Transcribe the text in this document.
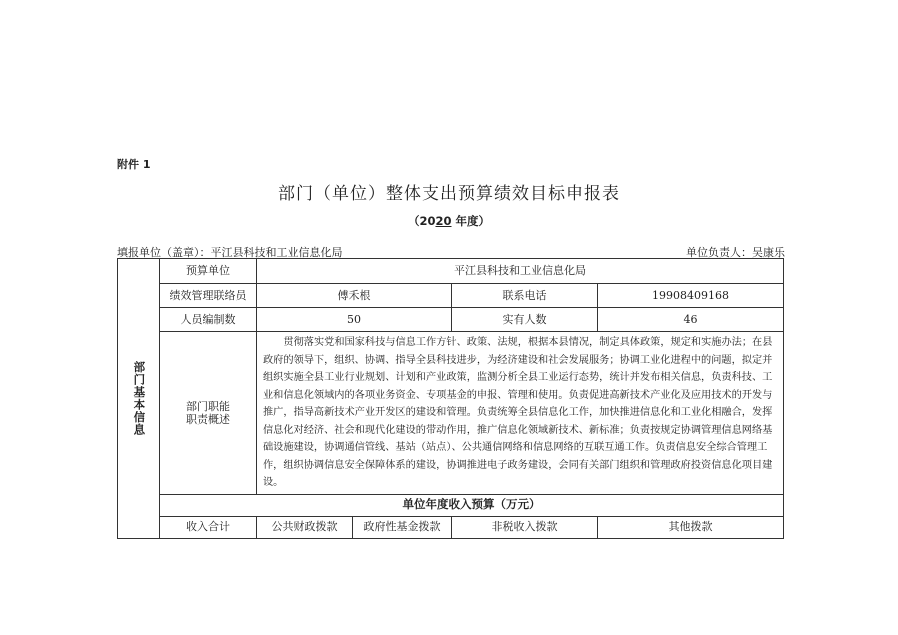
附件 1
部门（单位）整体支出预算绩效目标申报表
（2020 年度）
填报单位（盖章）：平江县科技和工业信息化局	单位负责人：吴康乐
部门基本信息	预算单位	平江县科技和工业信息化局			
	绩效管理联络员	傅禾根		联系电话	19908409168
	人员编制数	50		实有人数	46

	部门职能
职责概述	贯彻落实党和国家科技与信息工作方针、政策、法规，根据本县情况，制定具体政策，规定和实施办法；在县政府的领导下，组织、协调、指导全县科技进步，为经济建设和社会发展服务；协调工业化进程中的问题，拟定并组织实施全县工业行业规划、计划和产业政策，监测分析全县工业运行态势，统计并发布相关信息，负责科技、工业和信息化领域内的各项业务资金、专项基金的申报、管理和使用。负责促进高新技术产业化及应用技术的开发与推广，指导高新技术产业开发区的建设和管理。负责统筹全县信息化工作，加快推进信息化和工业化相融合，发挥信息化对经济、社会和现代化建设的带动作用，推广信息化领域新技术、新标准；负责按规定协调管理信息网络基础设施建设，协调通信管线、基站（站点）、公共通信网络和信息网络的互联互通工作。负责信息安全综合管理工作，组织协调信息安全保障体系的建设，协调推进电子政务建设，会同有关部门组织和管理政府投资信息化项目建设。			
	单位年度收入预算（万元）				
	收入合计	公共财政拨款	政府性基金拨款	非税收入拨款	其他拨款
